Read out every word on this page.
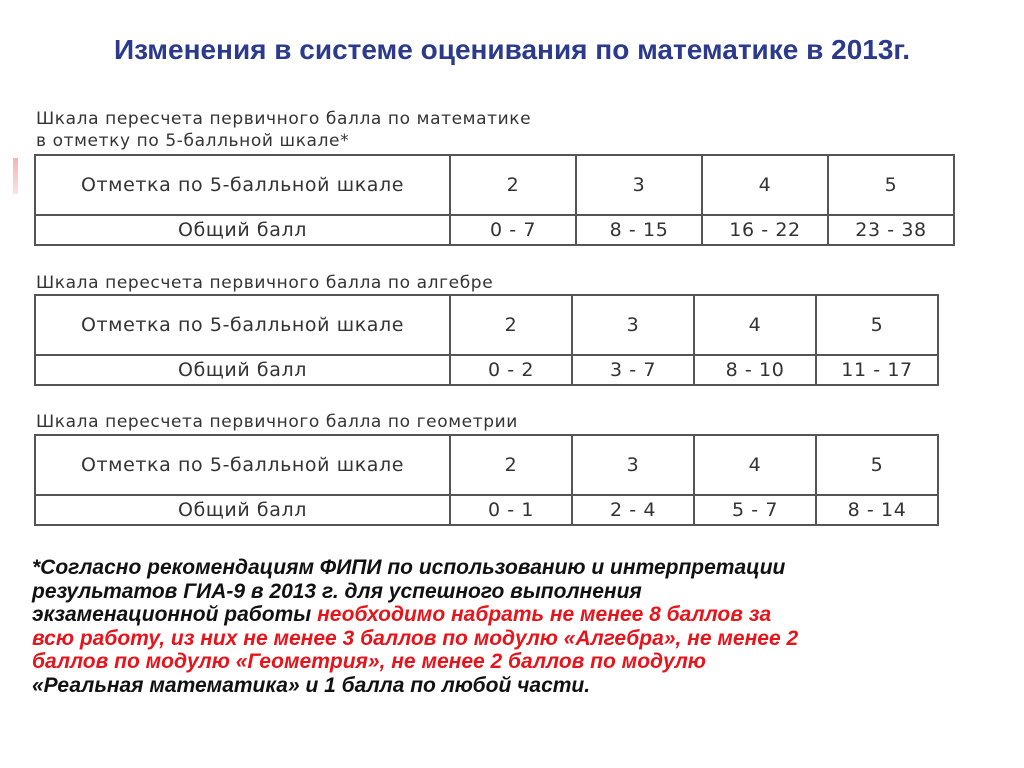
Изменения в системе оценивания по математике в 2013г.
Шкала пересчета первичного балла по математике
в отметку по 5-балльной шкале*
Отметка по 5-балльной шкале	2	3	4	5
Общий балл	0 - 7	8 - 15	16 - 22	23 - 38
Шкала пересчета первичного балла по алгебре
Отметка по 5-балльной шкале	2	3	4	5
Общий балл	0 - 2	3 - 7	8 - 10	11 - 17
Шкала пересчета первичного балла по геометрии
Отметка по 5-балльной шкале	2	3	4	5
Общий балл	0 - 1	2 - 4	5 - 7	8 - 14
*Согласно рекомендациям ФИПИ по использованию и интерпретации
результатов ГИА-9 в 2013 г. для успешного выполнения
экзаменационной работы необходимо набрать не менее 8 баллов за
всю работу, из них не менее 3 баллов по модулю «Алгебра», не менее 2
баллов по модулю «Геометрия», не менее 2 баллов по модулю
«Реальная математика» и 1 балла по любой части.
